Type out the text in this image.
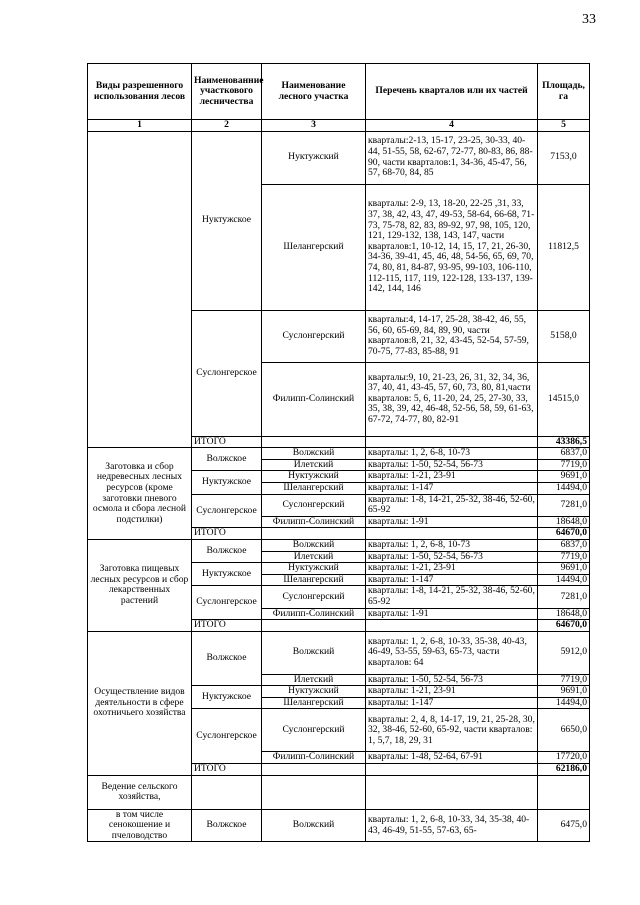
33
Виды разрешенного использования лесов	Наименованние участкового лесничества	Наименование лесного участка	Перечень кварталов или их частей	Площадь, га
1	2	3	4	5
	Нуктужское	Нуктужский	кварталы:2-13, 15-17, 23-25, 30-33, 40-44, 51-55, 58, 62-67, 72-77, 80-83, 86, 88-90, части кварталов:1, 34-36, 45-47, 56, 57, 68-70, 84, 85	7153,0
		Шелангерский	кварталы: 2-9, 13, 18-20, 22-25 ,31, 33, 37, 38, 42, 43, 47, 49-53, 58-64, 66-68, 71-73, 75-78, 82, 83, 89-92, 97, 98, 105, 120, 121, 129-132, 138, 143, 147, части кварталов:1, 10-12, 14, 15, 17, 21, 26-30, 34-36, 39-41, 45, 46, 48, 54-56, 65, 69, 70, 74, 80, 81, 84-87, 93-95, 99-103, 106-110, 112-115, 117, 119, 122-128, 133-137, 139-142, 144, 146	11812,5
	Суслонгерское	Суслонгерский	кварталы:4, 14-17, 25-28, 38-42, 46, 55, 56, 60, 65-69, 84, 89, 90, части кварталов:8, 21, 32, 43-45, 52-54, 57-59, 70-75, 77-83, 85-88, 91	5158,0
		Филипп-Солинский	кварталы:9, 10, 21-23, 26, 31, 32, 34, 36, 37, 40, 41, 43-45, 57, 60, 73, 80, 81,части кварталов: 5, 6, 11-20, 24, 25, 27-30, 33, 35, 38, 39, 42, 46-48, 52-56, 58, 59, 61-63, 67-72, 74-77, 80, 82-91	14515,0
	ИТОГО			43386,5
Заготовка и сбор недревесных лесных ресурсов (кроме заготовки пневого осмола и сбора лесной подстилки)	Волжское	Волжский	кварталы: 1, 2, 6-8, 10-73	6837,0
		Илетский	кварталы: 1-50, 52-54, 56-73	7719,0
	Нуктужское	Нуктужский	кварталы: 1-21, 23-91	9691,0
		Шелангерский	кварталы: 1-147	14494,0
	Суслонгерское	Суслонгерский	кварталы: 1-8, 14-21, 25-32, 38-46, 52-60, 65-92	7281,0
		Филипп-Солинский	кварталы: 1-91	18648,0
	ИТОГО			64670,0
Заготовка пищевых лесных ресурсов и сбор лекарственных растений	Волжское	Волжский	кварталы: 1, 2, 6-8, 10-73	6837,0
		Илетский	кварталы: 1-50, 52-54, 56-73	7719,0
	Нуктужское	Нуктужский	кварталы: 1-21, 23-91	9691,0
		Шелангерский	кварталы: 1-147	14494,0
	Суслонгерское	Суслонгерский	кварталы: 1-8, 14-21, 25-32, 38-46, 52-60, 65-92	7281,0
		Филипп-Солинский	кварталы: 1-91	18648,0
	ИТОГО			64670,0
Осуществление видов деятельности в сфере охотничьего хозяйства	Волжское	Волжский	кварталы: 1, 2, 6-8, 10-33, 35-38, 40-43, 46-49, 53-55, 59-63, 65-73, части кварталов: 64	5912,0
		Илетский	кварталы: 1-50, 52-54, 56-73	7719,0
	Нуктужское	Нуктужский	кварталы: 1-21, 23-91	9691,0
		Шелангерский	кварталы: 1-147	14494,0
	Суслонгерское	Суслонгерский	кварталы: 2, 4, 8, 14-17, 19, 21, 25-28, 30, 32, 38-46, 52-60, 65-92, части кварталов: 1, 5,7, 18, 29, 31	6650,0
		Филипп-Солинский	кварталы: 1-48, 52-64, 67-91	17720,0
	ИТОГО			62186,0
Ведение сельского хозяйства,				
в том числе сенокошение и пчеловодство	Волжское	Волжский	кварталы: 1, 2, 6-8, 10-33, 34, 35-38, 40-43, 46-49, 51-55, 57-63, 65-	6475,0
